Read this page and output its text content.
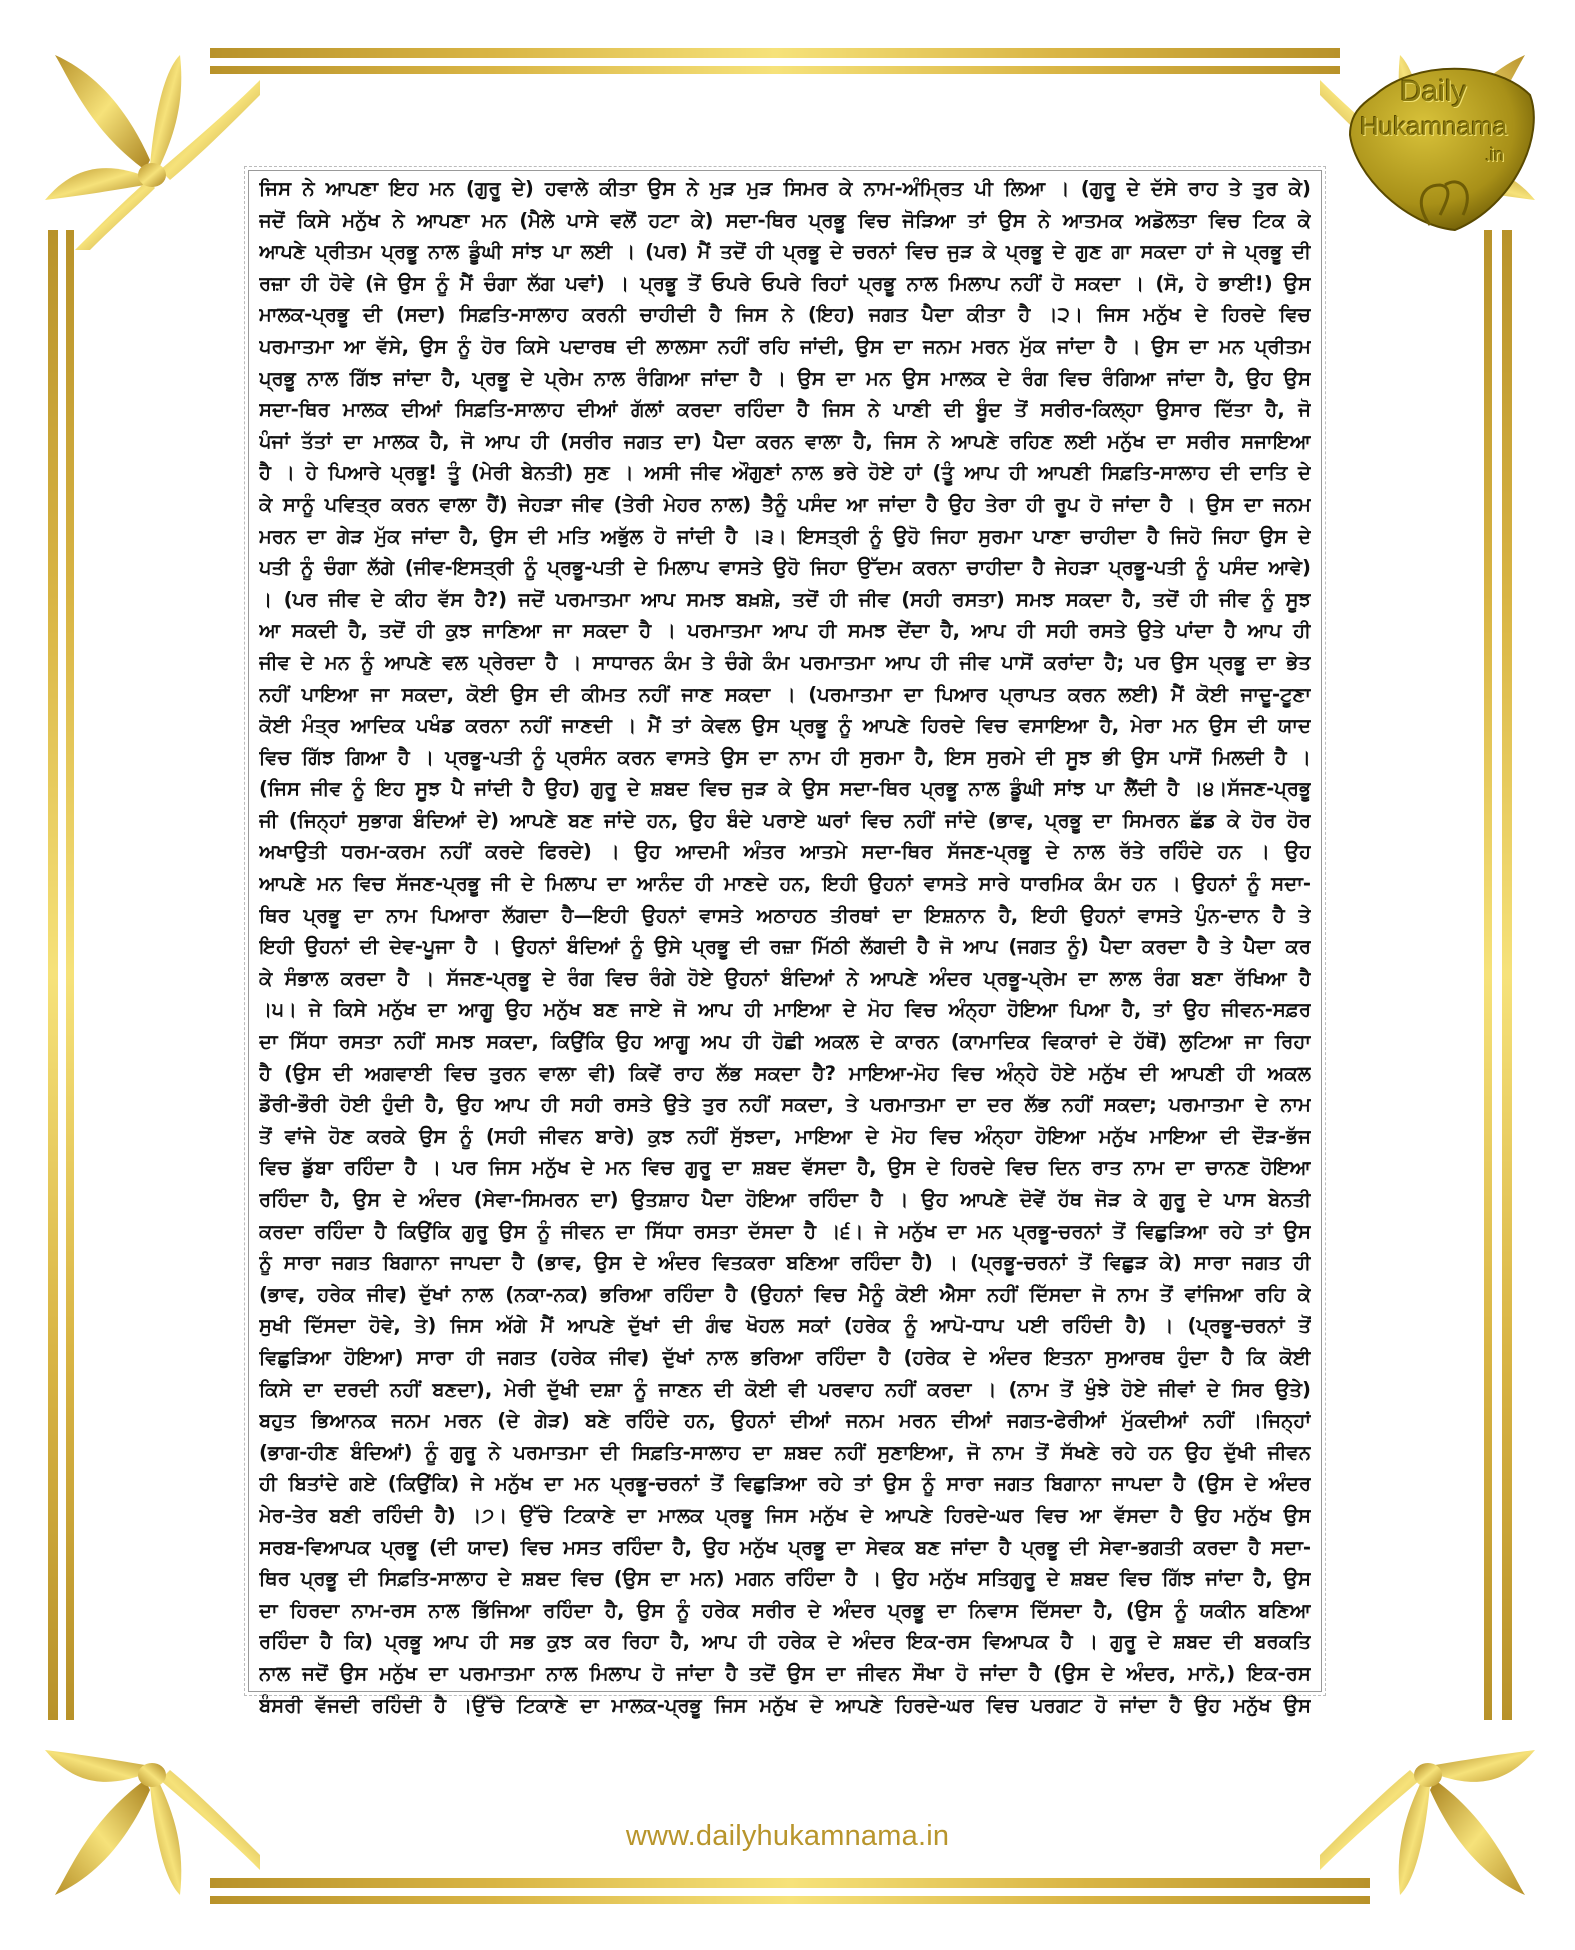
Daily
Hukamnama
.in
ਜਿਸ ਨੇ ਆਪਣਾ ਇਹ ਮਨ (ਗੁਰੂ ਦੇ) ਹਵਾਲੇ ਕੀਤਾ ਉਸ ਨੇ ਮੁੜ ਮੁੜ ਸਿਮਰ ਕੇ ਨਾਮ-ਅੰਮ੍ਰਿਤ ਪੀ ਲਿਆ । (ਗੁਰੂ ਦੇ ਦੱਸੇ ਰਾਹ ਤੇ ਤੁਰ ਕੇ)
ਜਦੋਂ ਕਿਸੇ ਮਨੁੱਖ ਨੇ ਆਪਣਾ ਮਨ (ਮੈਲੇ ਪਾਸੇ ਵਲੋਂ ਹਟਾ ਕੇ) ਸਦਾ-ਥਿਰ ਪ੍ਰਭੂ ਵਿਚ ਜੋੜਿਆ ਤਾਂ ਉਸ ਨੇ ਆਤਮਕ ਅਡੋਲਤਾ ਵਿਚ ਟਿਕ ਕੇ
ਆਪਣੇ ਪ੍ਰੀਤਮ ਪ੍ਰਭੂ ਨਾਲ ਡੂੰਘੀ ਸਾਂਝ ਪਾ ਲਈ । (ਪਰ) ਮੈਂ ਤਦੋਂ ਹੀ ਪ੍ਰਭੂ ਦੇ ਚਰਨਾਂ ਵਿਚ ਜੁੜ ਕੇ ਪ੍ਰਭੂ ਦੇ ਗੁਣ ਗਾ ਸਕਦਾ ਹਾਂ ਜੇ ਪ੍ਰਭੂ ਦੀ
ਰਜ਼ਾ ਹੀ ਹੋਵੇ (ਜੇ ਉਸ ਨੂੰ ਮੈਂ ਚੰਗਾ ਲੱਗ ਪਵਾਂ) । ਪ੍ਰਭੂ ਤੋਂ ਓਪਰੇ ਓਪਰੇ ਰਿਹਾਂ ਪ੍ਰਭੂ ਨਾਲ ਮਿਲਾਪ ਨਹੀਂ ਹੋ ਸਕਦਾ । (ਸੋ, ਹੇ ਭਾਈ!) ਉਸ
ਮਾਲਕ-ਪ੍ਰਭੂ ਦੀ (ਸਦਾ) ਸਿਫ਼ਤਿ-ਸਾਲਾਹ ਕਰਨੀ ਚਾਹੀਦੀ ਹੈ ਜਿਸ ਨੇ (ਇਹ) ਜਗਤ ਪੈਦਾ ਕੀਤਾ ਹੈ ।੨। ਜਿਸ ਮਨੁੱਖ ਦੇ ਹਿਰਦੇ ਵਿਚ
ਪਰਮਾਤਮਾ ਆ ਵੱਸੇ, ਉਸ ਨੂੰ ਹੋਰ ਕਿਸੇ ਪਦਾਰਥ ਦੀ ਲਾਲਸਾ ਨਹੀਂ ਰਹਿ ਜਾਂਦੀ, ਉਸ ਦਾ ਜਨਮ ਮਰਨ ਮੁੱਕ ਜਾਂਦਾ ਹੈ । ਉਸ ਦਾ ਮਨ ਪ੍ਰੀਤਮ
ਪ੍ਰਭੂ ਨਾਲ ਗਿੱਝ ਜਾਂਦਾ ਹੈ, ਪ੍ਰਭੂ ਦੇ ਪ੍ਰੇਮ ਨਾਲ ਰੰਗਿਆ ਜਾਂਦਾ ਹੈ । ਉਸ ਦਾ ਮਨ ਉਸ ਮਾਲਕ ਦੇ ਰੰਗ ਵਿਚ ਰੰਗਿਆ ਜਾਂਦਾ ਹੈ, ਉਹ ਉਸ
ਸਦਾ-ਥਿਰ ਮਾਲਕ ਦੀਆਂ ਸਿਫ਼ਤਿ-ਸਾਲਾਹ ਦੀਆਂ ਗੱਲਾਂ ਕਰਦਾ ਰਹਿੰਦਾ ਹੈ ਜਿਸ ਨੇ ਪਾਣੀ ਦੀ ਬੂੰਦ ਤੋਂ ਸਰੀਰ-ਕਿਲ੍ਹਾ ਉਸਾਰ ਦਿੱਤਾ ਹੈ, ਜੋ
ਪੰਜਾਂ ਤੱਤਾਂ ਦਾ ਮਾਲਕ ਹੈ, ਜੋ ਆਪ ਹੀ (ਸਰੀਰ ਜਗਤ ਦਾ) ਪੈਦਾ ਕਰਨ ਵਾਲਾ ਹੈ, ਜਿਸ ਨੇ ਆਪਣੇ ਰਹਿਣ ਲਈ ਮਨੁੱਖ ਦਾ ਸਰੀਰ ਸਜਾਇਆ
ਹੈ । ਹੇ ਪਿਆਰੇ ਪ੍ਰਭੂ! ਤੂੰ (ਮੇਰੀ ਬੇਨਤੀ) ਸੁਣ । ਅਸੀ ਜੀਵ ਔਗੁਣਾਂ ਨਾਲ ਭਰੇ ਹੋਏ ਹਾਂ (ਤੂੰ ਆਪ ਹੀ ਆਪਣੀ ਸਿਫ਼ਤਿ-ਸਾਲਾਹ ਦੀ ਦਾਤਿ ਦੇ
ਕੇ ਸਾਨੂੰ ਪਵਿਤ੍ਰ ਕਰਨ ਵਾਲਾ ਹੈਂ) ਜੇਹੜਾ ਜੀਵ (ਤੇਰੀ ਮੇਹਰ ਨਾਲ) ਤੈਨੂੰ ਪਸੰਦ ਆ ਜਾਂਦਾ ਹੈ ਉਹ ਤੇਰਾ ਹੀ ਰੂਪ ਹੋ ਜਾਂਦਾ ਹੈ । ਉਸ ਦਾ ਜਨਮ
ਮਰਨ ਦਾ ਗੇੜ ਮੁੱਕ ਜਾਂਦਾ ਹੈ, ਉਸ ਦੀ ਮਤਿ ਅਭੁੱਲ ਹੋ ਜਾਂਦੀ ਹੈ ।੩। ਇਸਤ੍ਰੀ ਨੂੰ ਉਹੋ ਜਿਹਾ ਸੁਰਮਾ ਪਾਣਾ ਚਾਹੀਦਾ ਹੈ ਜਿਹੋ ਜਿਹਾ ਉਸ ਦੇ
ਪਤੀ ਨੂੰ ਚੰਗਾ ਲੱਗੇ (ਜੀਵ-ਇਸਤ੍ਰੀ ਨੂੰ ਪ੍ਰਭੂ-ਪਤੀ ਦੇ ਮਿਲਾਪ ਵਾਸਤੇ ਉਹੋ ਜਿਹਾ ਉੱਦਮ ਕਰਨਾ ਚਾਹੀਦਾ ਹੈ ਜੇਹੜਾ ਪ੍ਰਭੂ-ਪਤੀ ਨੂੰ ਪਸੰਦ ਆਵੇ)
। (ਪਰ ਜੀਵ ਦੇ ਕੀਹ ਵੱਸ ਹੈ?) ਜਦੋਂ ਪਰਮਾਤਮਾ ਆਪ ਸਮਝ ਬਖ਼ਸ਼ੇ, ਤਦੋਂ ਹੀ ਜੀਵ (ਸਹੀ ਰਸਤਾ) ਸਮਝ ਸਕਦਾ ਹੈ, ਤਦੋਂ ਹੀ ਜੀਵ ਨੂੰ ਸੂਝ
ਆ ਸਕਦੀ ਹੈ, ਤਦੋਂ ਹੀ ਕੁਝ ਜਾਣਿਆ ਜਾ ਸਕਦਾ ਹੈ । ਪਰਮਾਤਮਾ ਆਪ ਹੀ ਸਮਝ ਦੇਂਦਾ ਹੈ, ਆਪ ਹੀ ਸਹੀ ਰਸਤੇ ਉਤੇ ਪਾਂਦਾ ਹੈ ਆਪ ਹੀ
ਜੀਵ ਦੇ ਮਨ ਨੂੰ ਆਪਣੇ ਵਲ ਪ੍ਰੇਰਦਾ ਹੈ । ਸਾਧਾਰਨ ਕੰਮ ਤੇ ਚੰਗੇ ਕੰਮ ਪਰਮਾਤਮਾ ਆਪ ਹੀ ਜੀਵ ਪਾਸੋਂ ਕਰਾਂਦਾ ਹੈ; ਪਰ ਉਸ ਪ੍ਰਭੂ ਦਾ ਭੇਤ
ਨਹੀਂ ਪਾਇਆ ਜਾ ਸਕਦਾ, ਕੋਈ ਉਸ ਦੀ ਕੀਮਤ ਨਹੀਂ ਜਾਣ ਸਕਦਾ । (ਪਰਮਾਤਮਾ ਦਾ ਪਿਆਰ ਪ੍ਰਾਪਤ ਕਰਨ ਲਈ) ਮੈਂ ਕੋਈ ਜਾਦੂ-ਟੂਣਾ
ਕੋਈ ਮੰਤ੍ਰ ਆਦਿਕ ਪਖੰਡ ਕਰਨਾ ਨਹੀਂ ਜਾਣਦੀ । ਮੈਂ ਤਾਂ ਕੇਵਲ ਉਸ ਪ੍ਰਭੂ ਨੂੰ ਆਪਣੇ ਹਿਰਦੇ ਵਿਚ ਵਸਾਇਆ ਹੈ, ਮੇਰਾ ਮਨ ਉਸ ਦੀ ਯਾਦ
ਵਿਚ ਗਿੱਝ ਗਿਆ ਹੈ । ਪ੍ਰਭੂ-ਪਤੀ ਨੂੰ ਪ੍ਰਸੰਨ ਕਰਨ ਵਾਸਤੇ ਉਸ ਦਾ ਨਾਮ ਹੀ ਸੁਰਮਾ ਹੈ, ਇਸ ਸੁਰਮੇ ਦੀ ਸੂਝ ਭੀ ਉਸ ਪਾਸੋਂ ਮਿਲਦੀ ਹੈ ।
(ਜਿਸ ਜੀਵ ਨੂੰ ਇਹ ਸੂਝ ਪੈ ਜਾਂਦੀ ਹੈ ਉਹ) ਗੁਰੂ ਦੇ ਸ਼ਬਦ ਵਿਚ ਜੁੜ ਕੇ ਉਸ ਸਦਾ-ਥਿਰ ਪ੍ਰਭੂ ਨਾਲ ਡੂੰਘੀ ਸਾਂਝ ਪਾ ਲੈਂਦੀ ਹੈ ।੪।ਸੱਜਣ-ਪ੍ਰਭੂ
ਜੀ (ਜਿਨ੍ਹਾਂ ਸੁਭਾਗ ਬੰਦਿਆਂ ਦੇ) ਆਪਣੇ ਬਣ ਜਾਂਦੇ ਹਨ, ਉਹ ਬੰਦੇ ਪਰਾਏ ਘਰਾਂ ਵਿਚ ਨਹੀਂ ਜਾਂਦੇ (ਭਾਵ, ਪ੍ਰਭੂ ਦਾ ਸਿਮਰਨ ਛੱਡ ਕੇ ਹੋਰ ਹੋਰ
ਅਖਾਉਤੀ ਧਰਮ-ਕਰਮ ਨਹੀਂ ਕਰਦੇ ਫਿਰਦੇ) । ਉਹ ਆਦਮੀ ਅੰਤਰ ਆਤਮੇ ਸਦਾ-ਥਿਰ ਸੱਜਣ-ਪ੍ਰਭੂ ਦੇ ਨਾਲ ਰੱਤੇ ਰਹਿੰਦੇ ਹਨ । ਉਹ
ਆਪਣੇ ਮਨ ਵਿਚ ਸੱਜਣ-ਪ੍ਰਭੂ ਜੀ ਦੇ ਮਿਲਾਪ ਦਾ ਆਨੰਦ ਹੀ ਮਾਣਦੇ ਹਨ, ਇਹੀ ਉਹਨਾਂ ਵਾਸਤੇ ਸਾਰੇ ਧਾਰਮਿਕ ਕੰਮ ਹਨ । ਉਹਨਾਂ ਨੂੰ ਸਦਾ-
ਥਿਰ ਪ੍ਰਭੂ ਦਾ ਨਾਮ ਪਿਆਰਾ ਲੱਗਦਾ ਹੈ—ਇਹੀ ਉਹਨਾਂ ਵਾਸਤੇ ਅਠਾਹਠ ਤੀਰਥਾਂ ਦਾ ਇਸ਼ਨਾਨ ਹੈ, ਇਹੀ ਉਹਨਾਂ ਵਾਸਤੇ ਪੁੰਨ-ਦਾਨ ਹੈ ਤੇ
ਇਹੀ ਉਹਨਾਂ ਦੀ ਦੇਵ-ਪੂਜਾ ਹੈ । ਉਹਨਾਂ ਬੰਦਿਆਂ ਨੂੰ ਉਸੇ ਪ੍ਰਭੂ ਦੀ ਰਜ਼ਾ ਮਿੱਠੀ ਲੱਗਦੀ ਹੈ ਜੋ ਆਪ (ਜਗਤ ਨੂੰ) ਪੈਦਾ ਕਰਦਾ ਹੈ ਤੇ ਪੈਦਾ ਕਰ
ਕੇ ਸੰਭਾਲ ਕਰਦਾ ਹੈ । ਸੱਜਣ-ਪ੍ਰਭੂ ਦੇ ਰੰਗ ਵਿਚ ਰੰਗੇ ਹੋਏ ਉਹਨਾਂ ਬੰਦਿਆਂ ਨੇ ਆਪਣੇ ਅੰਦਰ ਪ੍ਰਭੂ-ਪ੍ਰੇਮ ਦਾ ਲਾਲ ਰੰਗ ਬਣਾ ਰੱਖਿਆ ਹੈ
।੫। ਜੇ ਕਿਸੇ ਮਨੁੱਖ ਦਾ ਆਗੂ ਉਹ ਮਨੁੱਖ ਬਣ ਜਾਏ ਜੋ ਆਪ ਹੀ ਮਾਇਆ ਦੇ ਮੋਹ ਵਿਚ ਅੰਨ੍ਹਾ ਹੋਇਆ ਪਿਆ ਹੈ, ਤਾਂ ਉਹ ਜੀਵਨ-ਸਫ਼ਰ
ਦਾ ਸਿੱਧਾ ਰਸਤਾ ਨਹੀਂ ਸਮਝ ਸਕਦਾ, ਕਿਉਂਕਿ ਉਹ ਆਗੂ ਅਪ ਹੀ ਹੋਛੀ ਅਕਲ ਦੇ ਕਾਰਨ (ਕਾਮਾਦਿਕ ਵਿਕਾਰਾਂ ਦੇ ਹੱਥੋਂ) ਲੁਟਿਆ ਜਾ ਰਿਹਾ
ਹੈ (ਉਸ ਦੀ ਅਗਵਾਈ ਵਿਚ ਤੁਰਨ ਵਾਲਾ ਵੀ) ਕਿਵੇਂ ਰਾਹ ਲੱਭ ਸਕਦਾ ਹੈ? ਮਾਇਆ-ਮੋਹ ਵਿਚ ਅੰਨ੍ਹੇ ਹੋਏ ਮਨੁੱਖ ਦੀ ਆਪਣੀ ਹੀ ਅਕਲ
ਡੌਰੀ-ਭੌਰੀ ਹੋਈ ਹੁੰਦੀ ਹੈ, ਉਹ ਆਪ ਹੀ ਸਹੀ ਰਸਤੇ ਉਤੇ ਤੁਰ ਨਹੀਂ ਸਕਦਾ, ਤੇ ਪਰਮਾਤਮਾ ਦਾ ਦਰ ਲੱਭ ਨਹੀਂ ਸਕਦਾ; ਪਰਮਾਤਮਾ ਦੇ ਨਾਮ
ਤੋਂ ਵਾਂਜੇ ਹੋਣ ਕਰਕੇ ਉਸ ਨੂੰ (ਸਹੀ ਜੀਵਨ ਬਾਰੇ) ਕੁਝ ਨਹੀਂ ਸੁੱਝਦਾ, ਮਾਇਆ ਦੇ ਮੋਹ ਵਿਚ ਅੰਨ੍ਹਾ ਹੋਇਆ ਮਨੁੱਖ ਮਾਇਆ ਦੀ ਦੌੜ-ਭੱਜ
ਵਿਚ ਡੁੱਬਾ ਰਹਿੰਦਾ ਹੈ । ਪਰ ਜਿਸ ਮਨੁੱਖ ਦੇ ਮਨ ਵਿਚ ਗੁਰੂ ਦਾ ਸ਼ਬਦ ਵੱਸਦਾ ਹੈ, ਉਸ ਦੇ ਹਿਰਦੇ ਵਿਚ ਦਿਨ ਰਾਤ ਨਾਮ ਦਾ ਚਾਨਣ ਹੋਇਆ
ਰਹਿੰਦਾ ਹੈ, ਉਸ ਦੇ ਅੰਦਰ (ਸੇਵਾ-ਸਿਮਰਨ ਦਾ) ਉਤਸ਼ਾਹ ਪੈਦਾ ਹੋਇਆ ਰਹਿੰਦਾ ਹੈ । ਉਹ ਆਪਣੇ ਦੋਵੇਂ ਹੱਥ ਜੋੜ ਕੇ ਗੁਰੂ ਦੇ ਪਾਸ ਬੇਨਤੀ
ਕਰਦਾ ਰਹਿੰਦਾ ਹੈ ਕਿਉਂਕਿ ਗੁਰੂ ਉਸ ਨੂੰ ਜੀਵਨ ਦਾ ਸਿੱਧਾ ਰਸਤਾ ਦੱਸਦਾ ਹੈ ।੬। ਜੇ ਮਨੁੱਖ ਦਾ ਮਨ ਪ੍ਰਭੂ-ਚਰਨਾਂ ਤੋਂ ਵਿਛੁੜਿਆ ਰਹੇ ਤਾਂ ਉਸ
ਨੂੰ ਸਾਰਾ ਜਗਤ ਬਿਗਾਨਾ ਜਾਪਦਾ ਹੈ (ਭਾਵ, ਉਸ ਦੇ ਅੰਦਰ ਵਿਤਕਰਾ ਬਣਿਆ ਰਹਿੰਦਾ ਹੈ) । (ਪ੍ਰਭੂ-ਚਰਨਾਂ ਤੋਂ ਵਿਛੁੜ ਕੇ) ਸਾਰਾ ਜਗਤ ਹੀ
(ਭਾਵ, ਹਰੇਕ ਜੀਵ) ਦੁੱਖਾਂ ਨਾਲ (ਨਕਾ-ਨਕ) ਭਰਿਆ ਰਹਿੰਦਾ ਹੈ (ਉਹਨਾਂ ਵਿਚ ਮੈਨੂੰ ਕੋਈ ਐਸਾ ਨਹੀਂ ਦਿੱਸਦਾ ਜੋ ਨਾਮ ਤੋਂ ਵਾਂਜਿਆ ਰਹਿ ਕੇ
ਸੁਖੀ ਦਿੱਸਦਾ ਹੋਵੇ, ਤੇ) ਜਿਸ ਅੱਗੇ ਮੈਂ ਆਪਣੇ ਦੁੱਖਾਂ ਦੀ ਗੰਢ ਖੋਹਲ ਸਕਾਂ (ਹਰੇਕ ਨੂੰ ਆਪੋ-ਧਾਪ ਪਈ ਰਹਿੰਦੀ ਹੈ) । (ਪ੍ਰਭੂ-ਚਰਨਾਂ ਤੋਂ
ਵਿਛੁੜਿਆ ਹੋਇਆ) ਸਾਰਾ ਹੀ ਜਗਤ (ਹਰੇਕ ਜੀਵ) ਦੁੱਖਾਂ ਨਾਲ ਭਰਿਆ ਰਹਿੰਦਾ ਹੈ (ਹਰੇਕ ਦੇ ਅੰਦਰ ਇਤਨਾ ਸੁਆਰਥ ਹੁੰਦਾ ਹੈ ਕਿ ਕੋਈ
ਕਿਸੇ ਦਾ ਦਰਦੀ ਨਹੀਂ ਬਣਦਾ), ਮੇਰੀ ਦੁੱਖੀ ਦਸ਼ਾ ਨੂੰ ਜਾਣਨ ਦੀ ਕੋਈ ਵੀ ਪਰਵਾਹ ਨਹੀਂ ਕਰਦਾ । (ਨਾਮ ਤੋਂ ਖੁੰਝੇ ਹੋਏ ਜੀਵਾਂ ਦੇ ਸਿਰ ਉਤੇ)
ਬਹੁਤ ਭਿਆਨਕ ਜਨਮ ਮਰਨ (ਦੇ ਗੇੜ) ਬਣੇ ਰਹਿੰਦੇ ਹਨ, ਉਹਨਾਂ ਦੀਆਂ ਜਨਮ ਮਰਨ ਦੀਆਂ ਜਗਤ-ਫੇਰੀਆਂ ਮੁੱਕਦੀਆਂ ਨਹੀਂ ।ਜਿਨ੍ਹਾਂ
(ਭਾਗ-ਹੀਣ ਬੰਦਿਆਂ) ਨੂੰ ਗੁਰੂ ਨੇ ਪਰਮਾਤਮਾ ਦੀ ਸਿਫ਼ਤਿ-ਸਾਲਾਹ ਦਾ ਸ਼ਬਦ ਨਹੀਂ ਸੁਣਾਇਆ, ਜੋ ਨਾਮ ਤੋਂ ਸੱਖਣੇ ਰਹੇ ਹਨ ਉਹ ਦੁੱਖੀ ਜੀਵਨ
ਹੀ ਬਿਤਾਂਦੇ ਗਏ (ਕਿਉਂਕਿ) ਜੇ ਮਨੁੱਖ ਦਾ ਮਨ ਪ੍ਰਭੂ-ਚਰਨਾਂ ਤੋਂ ਵਿਛੁੜਿਆ ਰਹੇ ਤਾਂ ਉਸ ਨੂੰ ਸਾਰਾ ਜਗਤ ਬਿਗਾਨਾ ਜਾਪਦਾ ਹੈ (ਉਸ ਦੇ ਅੰਦਰ
ਮੇਰ-ਤੇਰ ਬਣੀ ਰਹਿੰਦੀ ਹੈ) ।੭। ਉੱਚੇ ਟਿਕਾਣੇ ਦਾ ਮਾਲਕ ਪ੍ਰਭੂ ਜਿਸ ਮਨੁੱਖ ਦੇ ਆਪਣੇ ਹਿਰਦੇ-ਘਰ ਵਿਚ ਆ ਵੱਸਦਾ ਹੈ ਉਹ ਮਨੁੱਖ ਉਸ
ਸਰਬ-ਵਿਆਪਕ ਪ੍ਰਭੂ (ਦੀ ਯਾਦ) ਵਿਚ ਮਸਤ ਰਹਿੰਦਾ ਹੈ, ਉਹ ਮਨੁੱਖ ਪ੍ਰਭੂ ਦਾ ਸੇਵਕ ਬਣ ਜਾਂਦਾ ਹੈ ਪ੍ਰਭੂ ਦੀ ਸੇਵਾ-ਭਗਤੀ ਕਰਦਾ ਹੈ ਸਦਾ-
ਥਿਰ ਪ੍ਰਭੂ ਦੀ ਸਿਫ਼ਤਿ-ਸਾਲਾਹ ਦੇ ਸ਼ਬਦ ਵਿਚ (ਉਸ ਦਾ ਮਨ) ਮਗਨ ਰਹਿੰਦਾ ਹੈ । ਉਹ ਮਨੁੱਖ ਸਤਿਗੁਰੂ ਦੇ ਸ਼ਬਦ ਵਿਚ ਗਿੱਝ ਜਾਂਦਾ ਹੈ, ਉਸ
ਦਾ ਹਿਰਦਾ ਨਾਮ-ਰਸ ਨਾਲ ਭਿੱਜਿਆ ਰਹਿੰਦਾ ਹੈ, ਉਸ ਨੂੰ ਹਰੇਕ ਸਰੀਰ ਦੇ ਅੰਦਰ ਪ੍ਰਭੂ ਦਾ ਨਿਵਾਸ ਦਿੱਸਦਾ ਹੈ, (ਉਸ ਨੂੰ ਯਕੀਨ ਬਣਿਆ
ਰਹਿੰਦਾ ਹੈ ਕਿ) ਪ੍ਰਭੂ ਆਪ ਹੀ ਸਭ ਕੁਝ ਕਰ ਰਿਹਾ ਹੈ, ਆਪ ਹੀ ਹਰੇਕ ਦੇ ਅੰਦਰ ਇਕ-ਰਸ ਵਿਆਪਕ ਹੈ । ਗੁਰੂ ਦੇ ਸ਼ਬਦ ਦੀ ਬਰਕਤਿ
ਨਾਲ ਜਦੋਂ ਉਸ ਮਨੁੱਖ ਦਾ ਪਰਮਾਤਮਾ ਨਾਲ ਮਿਲਾਪ ਹੋ ਜਾਂਦਾ ਹੈ ਤਦੋਂ ਉਸ ਦਾ ਜੀਵਨ ਸੌਖਾ ਹੋ ਜਾਂਦਾ ਹੈ (ਉਸ ਦੇ ਅੰਦਰ, ਮਾਨੋ,) ਇਕ-ਰਸ
ਬੰਸਰੀ ਵੱਜਦੀ ਰਹਿੰਦੀ ਹੈ ।ਉੱਚੇ ਟਿਕਾਣੇ ਦਾ ਮਾਲਕ-ਪ੍ਰਭੂ ਜਿਸ ਮਨੁੱਖ ਦੇ ਆਪਣੇ ਹਿਰਦੇ-ਘਰ ਵਿਚ ਪਰਗਟ ਹੋ ਜਾਂਦਾ ਹੈ ਉਹ ਮਨੁੱਖ ਉਸ
www.dailyhukamnama.in
